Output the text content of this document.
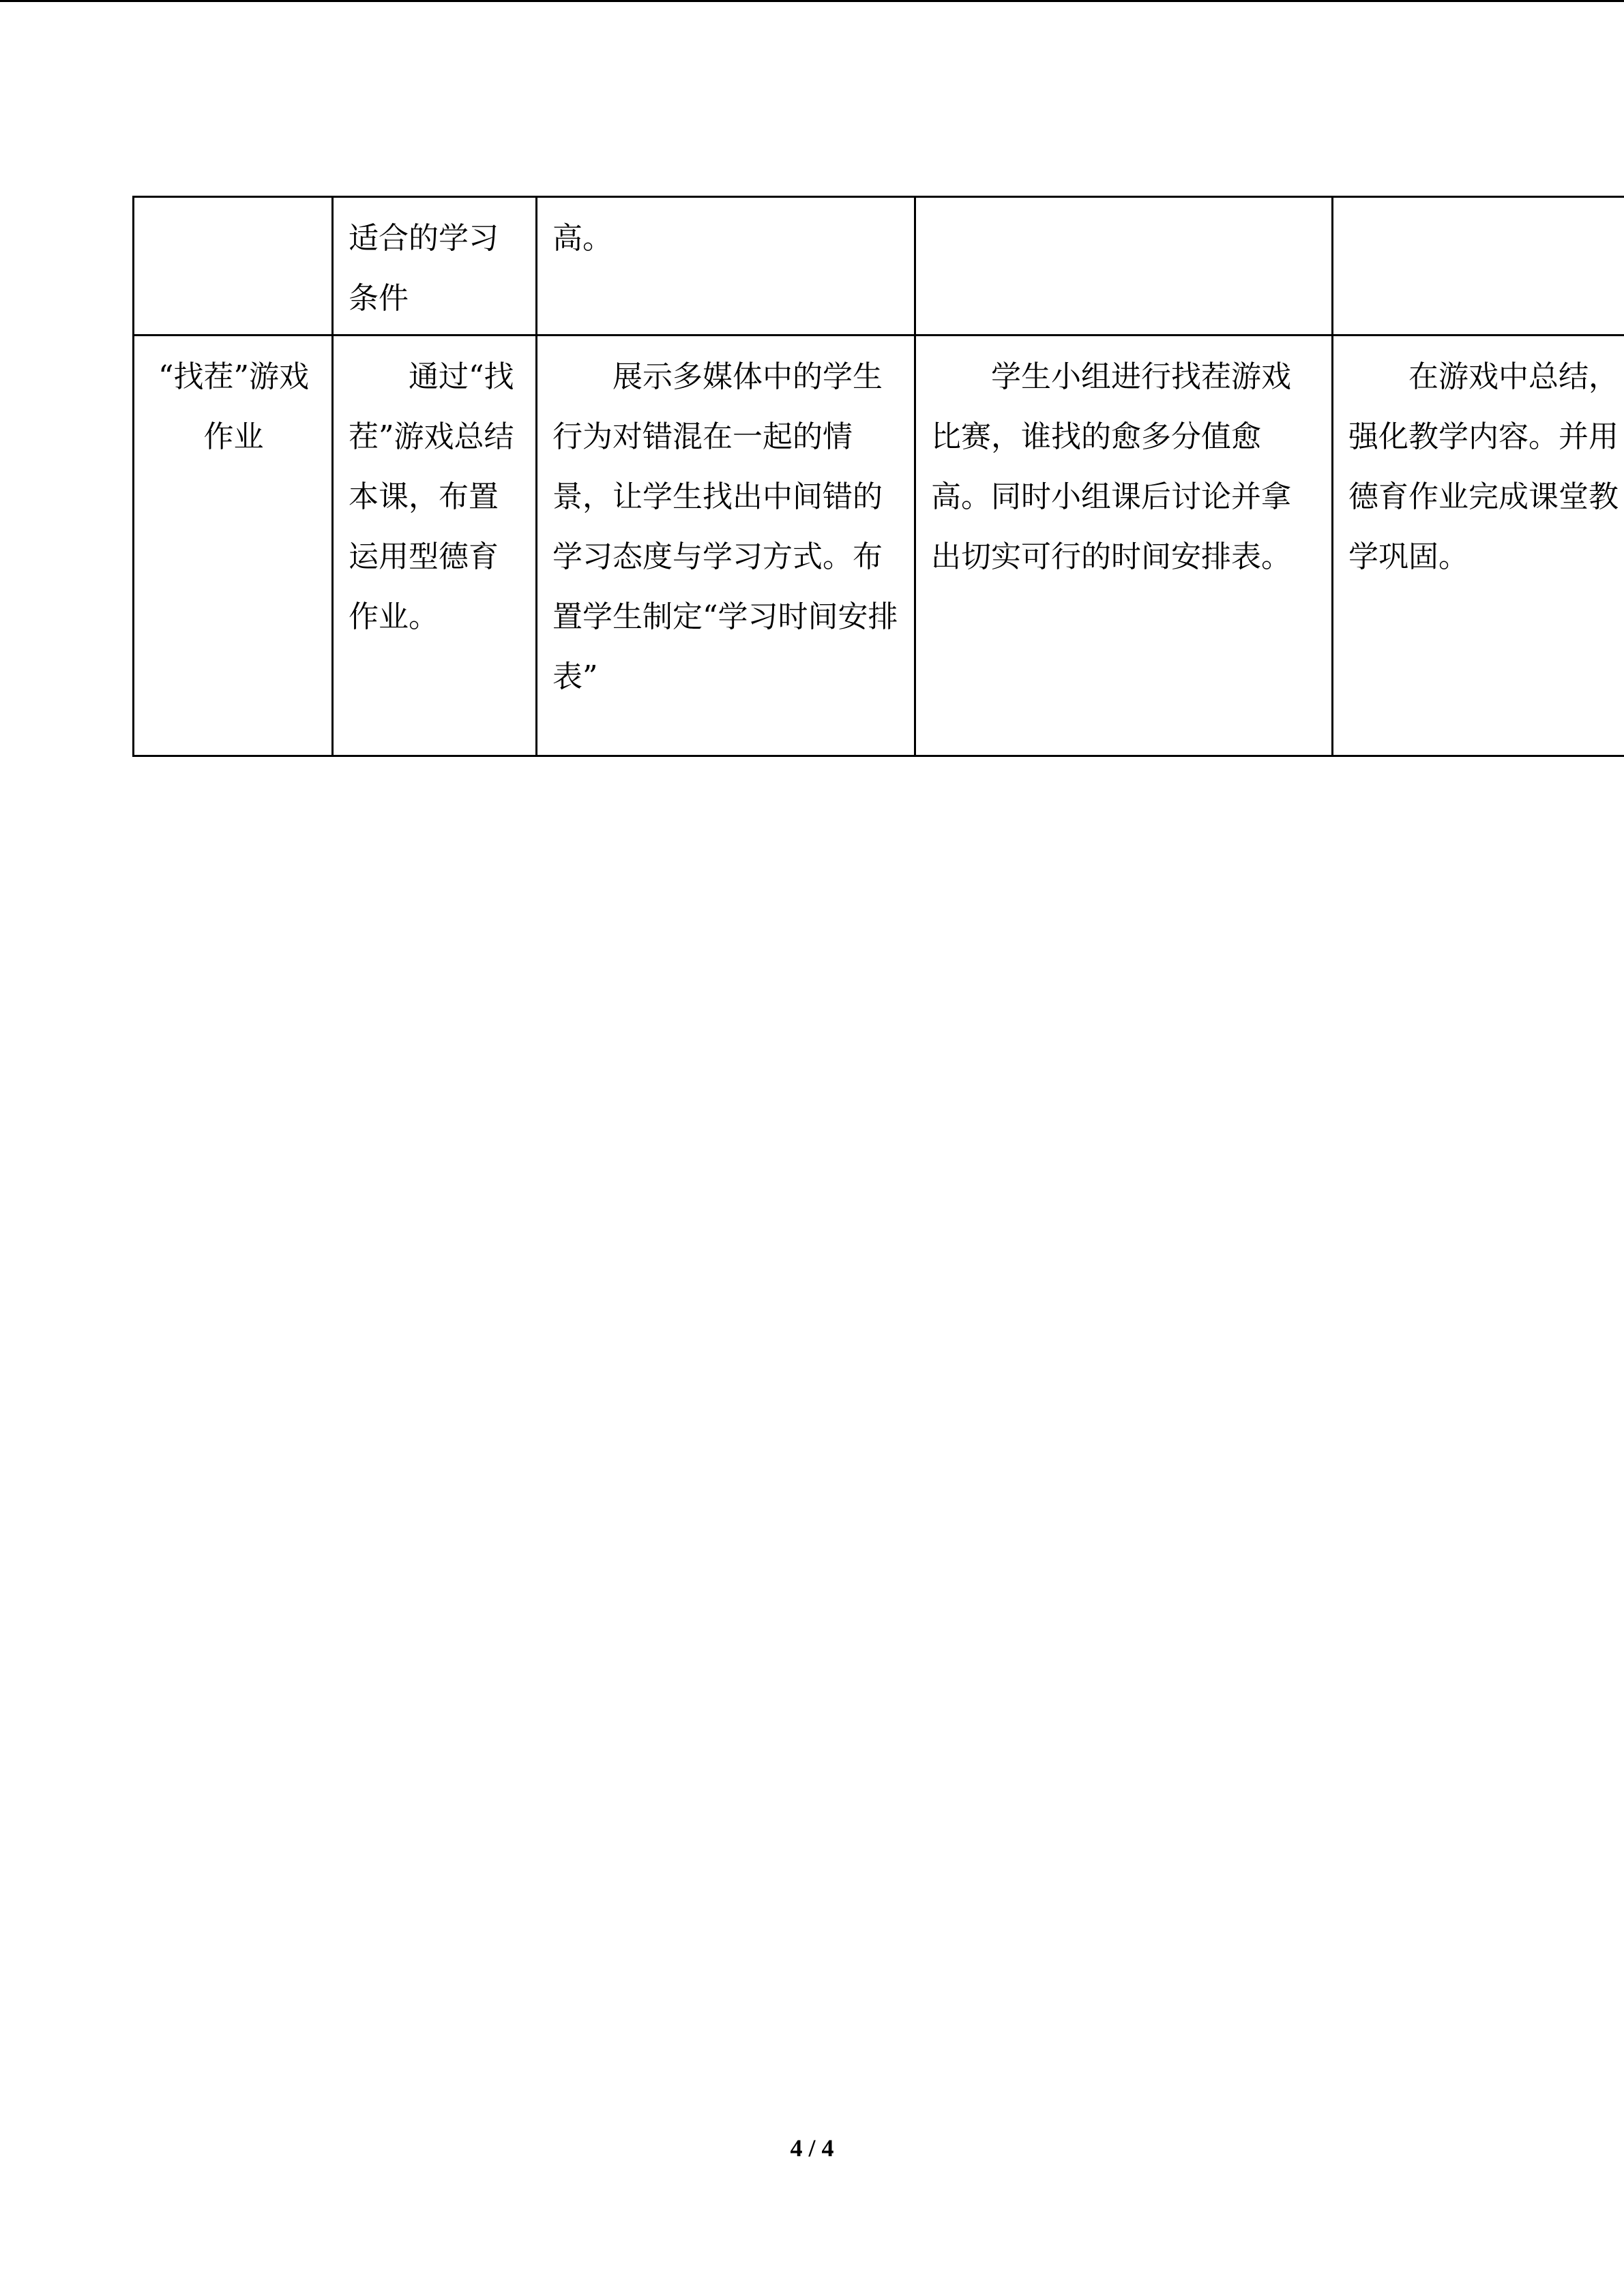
	适合的学习条件	高。		

“找茬”游戏作业	通过“找茬”游戏总结本课，布置运用型德育作业。	展示多媒体中的学生行为对错混在一起的情景，让学生找出中间错的学习态度与学习方式。布置学生制定“学习时间安排表”	学生小组进行找茬游戏比赛，谁找的愈多分值愈高。同时小组课后讨论并拿出切实可行的时间安排表。	在游戏中总结，强化教学内容。并用德育作业完成课堂教学巩固。
4 / 4
